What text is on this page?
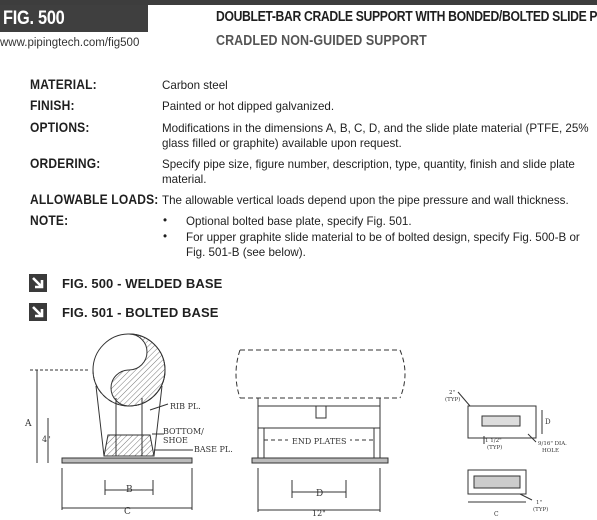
FIG. 500
www.pipingtech.com/fig500
DOUBLET-BAR CRADLE SUPPORT WITH BONDED/BOLTED SLIDE P
CRADLED NON-GUIDED SUPPORT
MATERIAL:	Carbon steel
FINISH:	Painted or hot dipped galvanized.
OPTIONS:	Modifications in the dimensions A, B, C, D, and the slide plate material (PTFE, 25% glass filled or graphite) available upon request.
ORDERING:	Specify pipe size, figure number, description, type, quantity, finish and slide plate material.
ALLOWABLE LOADS: The allowable vertical loads depend upon the pipe pressure and wall thickness.
NOTE:	• Optional bolted base plate, specify Fig. 501.
• For upper graphite slide material to be of bolted design, specify Fig. 500-B or Fig. 501-B (see below).
FIG. 500 - WELDED BASE
FIG. 501 - BOLTED BASE
RIB PL.
BOTTOM/
SHOE
BASE PL.
A
4"
B
C
END PLATES
D
12"
2"
(TYP)
1 1/2"
(TYP)
D
9/16" DIA.
HOLE
1"
(TYP)
C
